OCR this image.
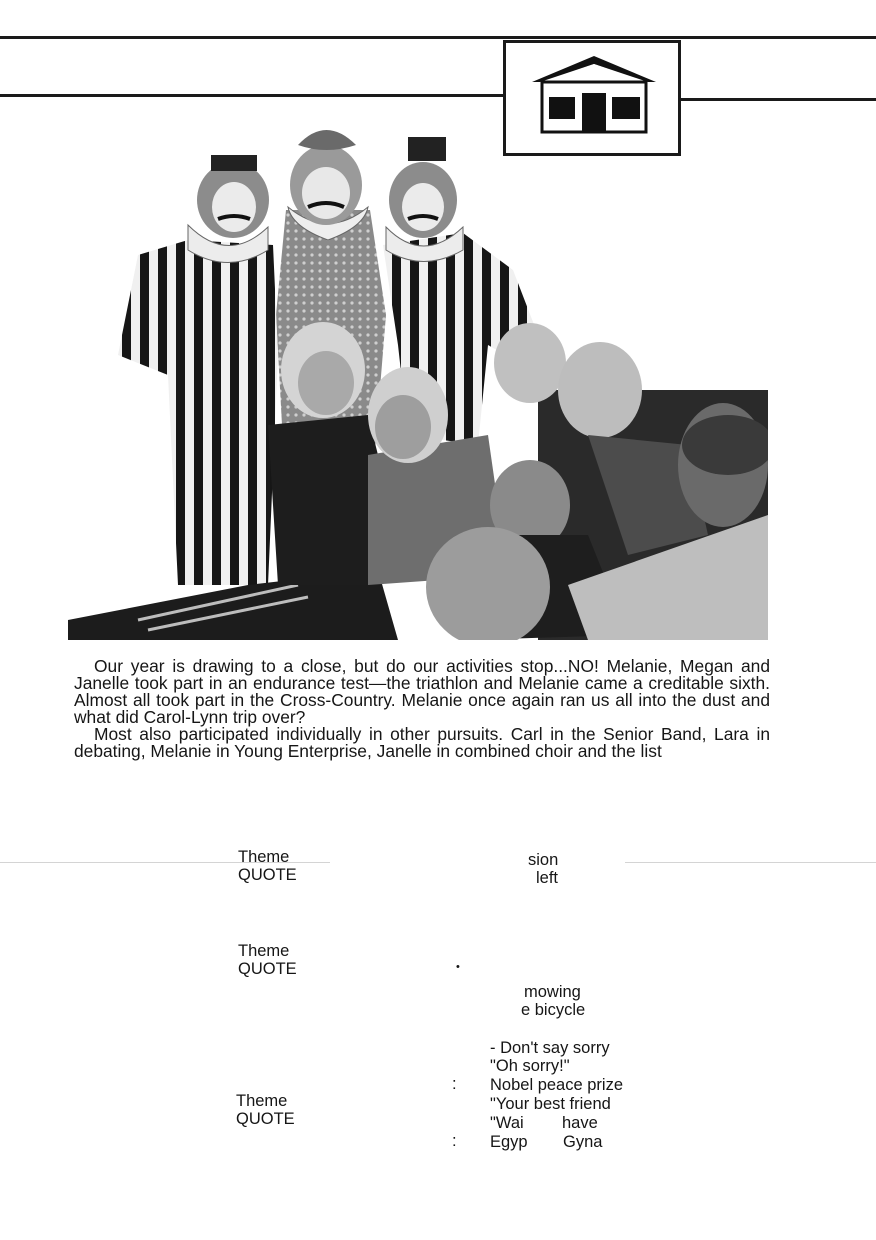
Our year is drawing to a close, but do our activities stop...NO! Melanie, Megan and Janelle took part in an endurance test—the triathlon and Melanie came a creditable sixth. Almost all took part in the Cross-Country. Melanie once again ran us all into the dust and what did Carol-Lynn trip over?

Most also participated individually in other pursuits. Carl in the Senior Band, Lara in debating, Melanie in Young Enterprise, Janelle in combined choir and the list

Theme
QUOTE
sion
left
Theme
QUOTE	•
mowing
e bicycle
Theme
QUOTE
:
:
- Don't say sorry
"Oh sorry!"
Nobel peace prize
"Your best friend
"Wai have
Egyp Gyna
